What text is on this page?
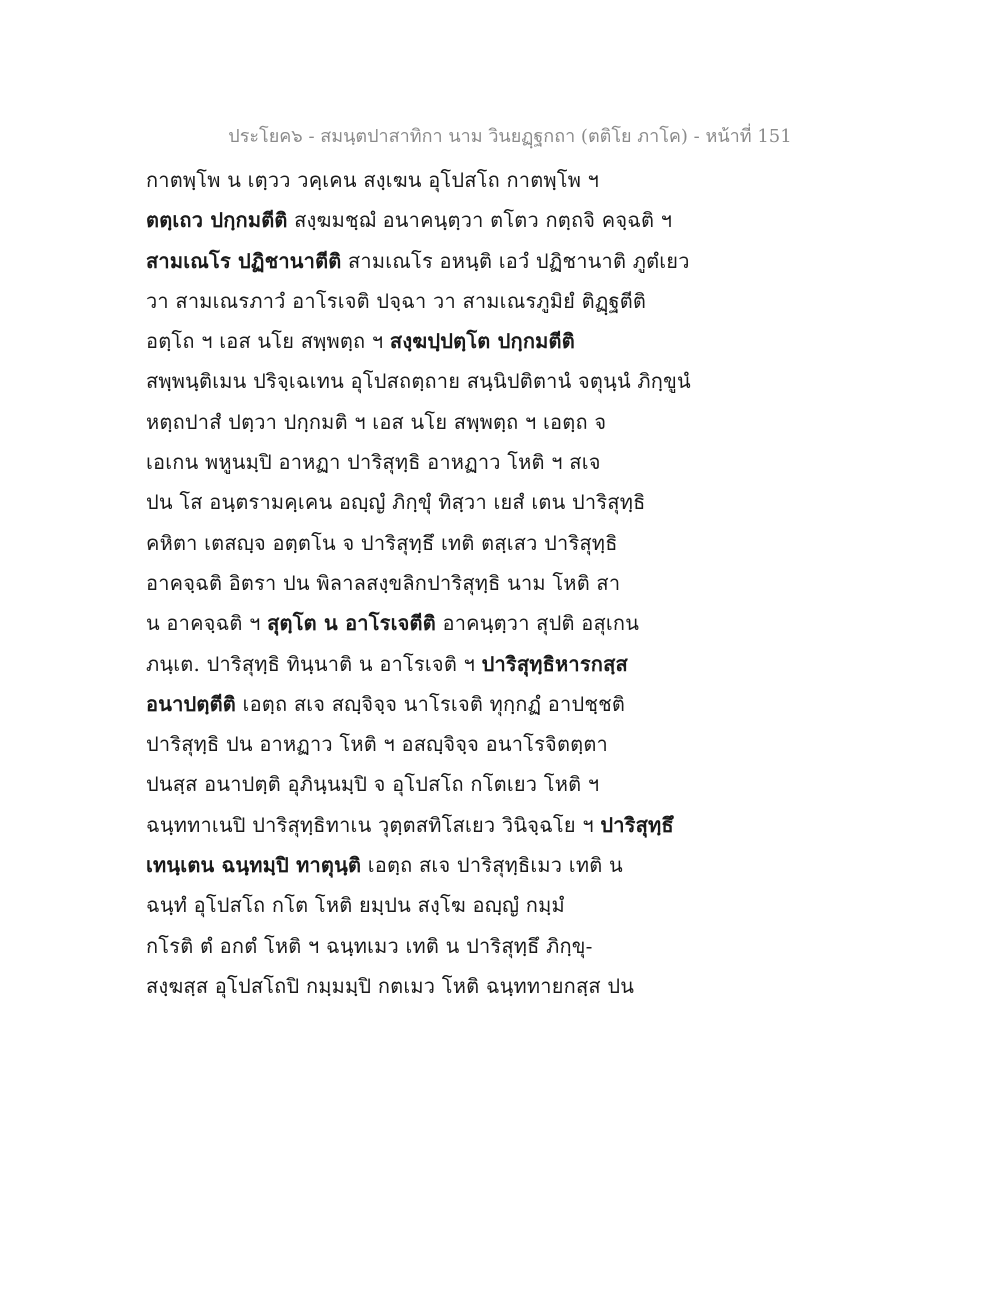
ประโยค๖ - สมนฺตปาสาทิกา นาม วินยฏฺฐกถา (ตติโย ภาโค) - หน้าที่ 151
กาตพฺโพ น เตฺวว วคฺเคน สงฺเฆน อุโปสโถ กาตพฺโพ ฯ
ตตฺเถว ปกฺกมตีติ สงฺฆมชฺฌํ อนาคนฺตฺวา ตโตว กตฺถจิ คจฺฉติ ฯ
สามเณโร ปฏิชานาตีติ สามเณโร อหนฺติ เอวํ ปฏิชานาติ ภูตํเยว
วา สามเณรภาวํ อาโรเจติ ปจฺฉา วา สามเณรภูมิยํ ติฏฺฐตีติ
อตฺโถ ฯ เอส นโย สพฺพตฺถ ฯ สงฺฆปฺปตฺโต ปกฺกมตีติ
สพฺพนฺติเมน ปริจฺเฉเทน อุโปสถตฺถาย สนฺนิปติตานํ จตุนฺนํ ภิกฺขูนํ
หตฺถปาสํ ปตฺวา ปกฺกมติ ฯ เอส นโย สพฺพตฺถ ฯ เอตฺถ จ
เอเกน พหูนมฺปิ อาหฏา ปาริสุทฺธิ อาหฏาว โหติ ฯ สเจ
ปน โส อนฺตรามคฺเคน อญฺญํ ภิกฺขุํ ทิสฺวา เยสํ เตน ปาริสุทฺธิ
คหิตา เตสญฺจ อตฺตโน จ ปาริสุทฺธึ เทติ ตสฺเสว ปาริสุทฺธิ
อาคจฺฉติ อิตรา ปน พิลาลสงฺขลิกปาริสุทฺธิ นาม โหติ สา
น อาคจฺฉติ ฯ สุตฺโต น อาโรเจตีติ อาคนฺตฺวา สุปติ อสุเกน
ภนฺเต. ปาริสุทฺธิ ทินฺนาติ น อาโรเจติ ฯ ปาริสุทฺธิหารกสฺส
อนาปตฺตีติ เอตฺถ สเจ สญฺจิจฺจ นาโรเจติ ทุกฺกฏํ อาปชฺชติ
ปาริสุทฺธิ ปน อาหฏาว โหติ ฯ อสญฺจิจฺจ อนาโรจิตตฺตา
ปนสฺส อนาปตฺติ อุภินฺนมฺปิ จ อุโปสโถ กโตเยว โหติ ฯ
ฉนฺททาเนปิ ปาริสุทฺธิทาเน วุตฺตสทิโสเยว วินิจฺฉโย ฯ ปาริสุทฺธึ
เทนฺเตน ฉนฺทมฺปิ ทาตุนฺติ เอตฺถ สเจ ปาริสุทฺธิเมว เทติ น
ฉนฺทํ อุโปสโถ กโต โหติ ยมฺปน สงฺโฆ อญฺญํ กมฺมํ
กโรติ ตํ อกตํ โหติ ฯ ฉนฺทเมว เทติ น ปาริสุทฺธึ ภิกฺขุ-
สงฺฆสฺส อุโปสโถปิ กมฺมมฺปิ กตเมว โหติ ฉนฺททายกสฺส ปน
